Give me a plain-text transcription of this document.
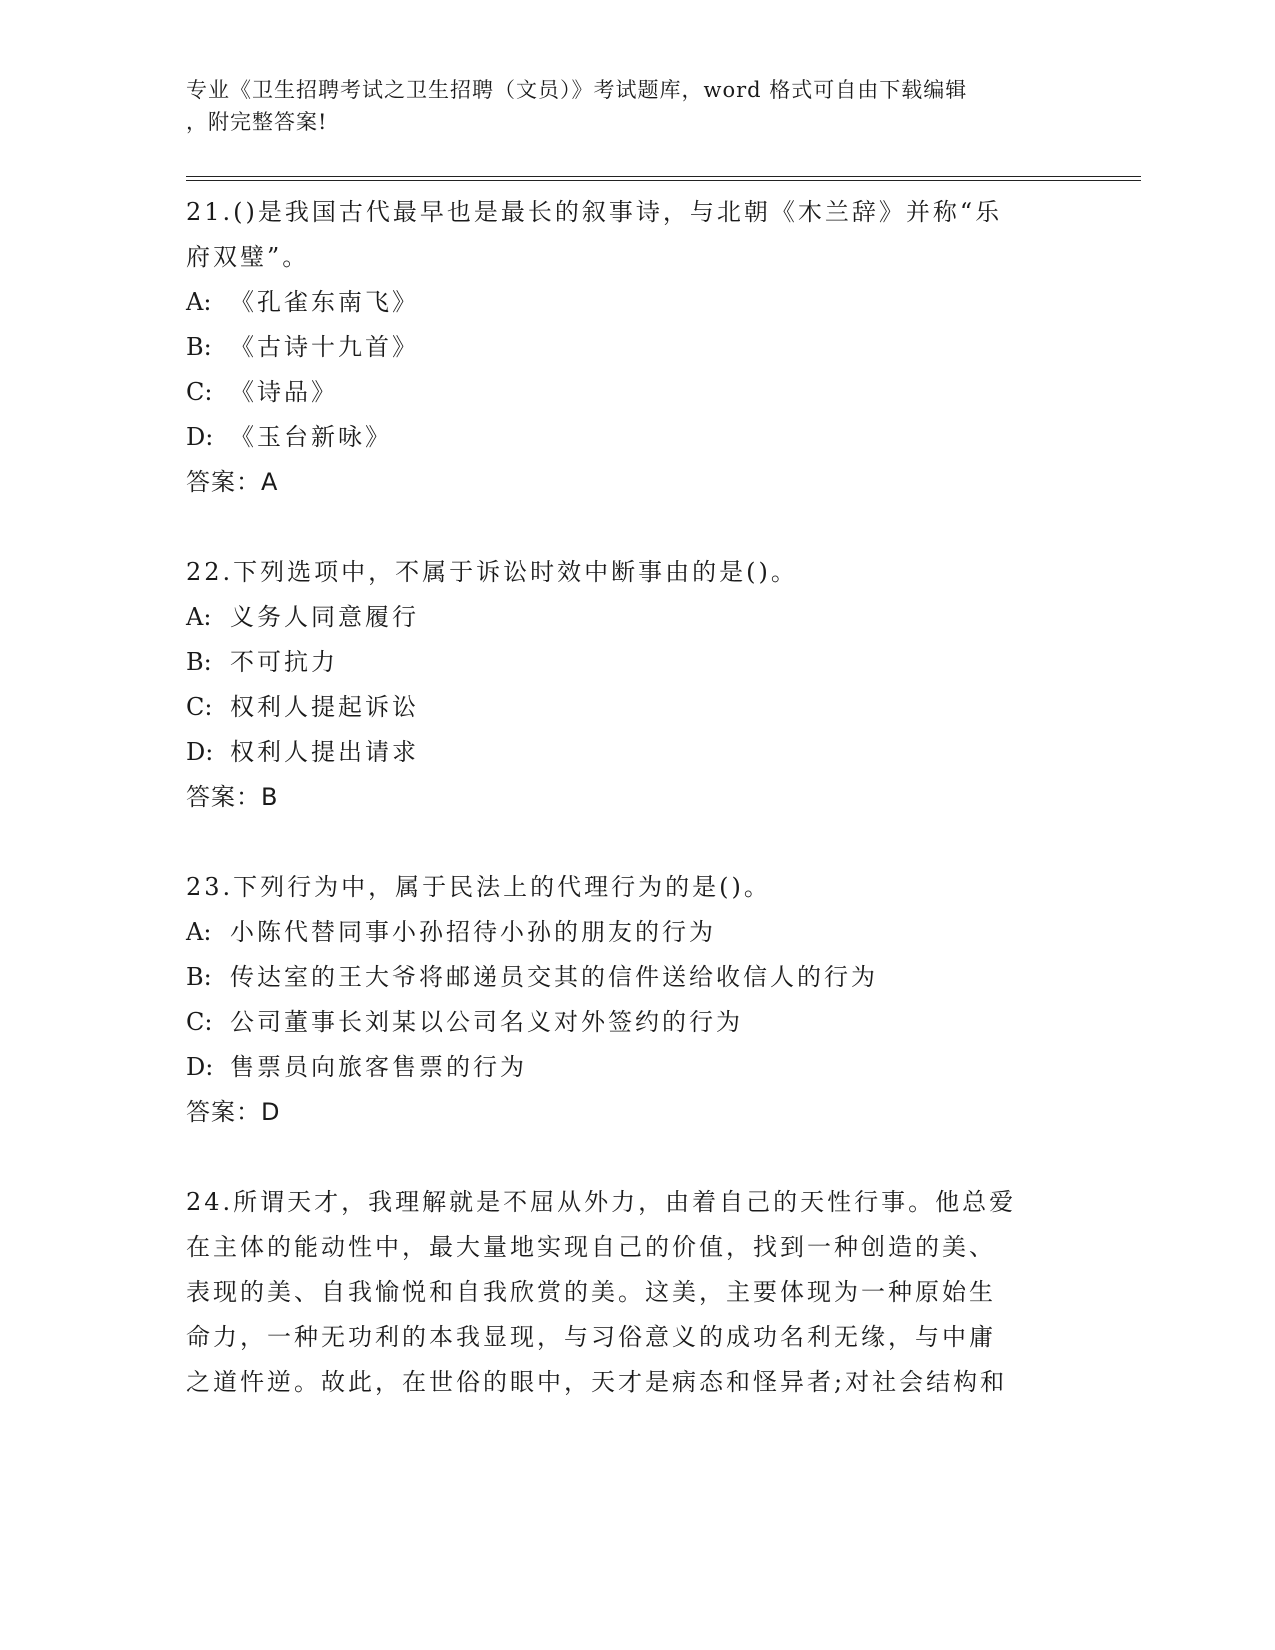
专业《卫生招聘考试之卫生招聘（文员）》考试题库，word 格式可自由下载编辑
，附完整答案!
21.()是我国古代最早也是最长的叙事诗，与北朝《木兰辞》并称“乐
府双璧”。
A: 《孔雀东南飞》
B: 《古诗十九首》
C: 《诗品》
D: 《玉台新咏》
答案：A
22.下列选项中，不属于诉讼时效中断事由的是()。
A: 义务人同意履行
B: 不可抗力
C: 权利人提起诉讼
D: 权利人提出请求
答案：B
23.下列行为中，属于民法上的代理行为的是()。
A: 小陈代替同事小孙招待小孙的朋友的行为
B: 传达室的王大爷将邮递员交其的信件送给收信人的行为
C: 公司董事长刘某以公司名义对外签约的行为
D: 售票员向旅客售票的行为
答案：D
24.所谓天才，我理解就是不屈从外力，由着自己的天性行事。他总爱
在主体的能动性中，最大量地实现自己的价值，找到一种创造的美、
表现的美、自我愉悦和自我欣赏的美。这美，主要体现为一种原始生
命力，一种无功利的本我显现，与习俗意义的成功名利无缘，与中庸
之道忤逆。故此，在世俗的眼中，天才是病态和怪异者;对社会结构和
